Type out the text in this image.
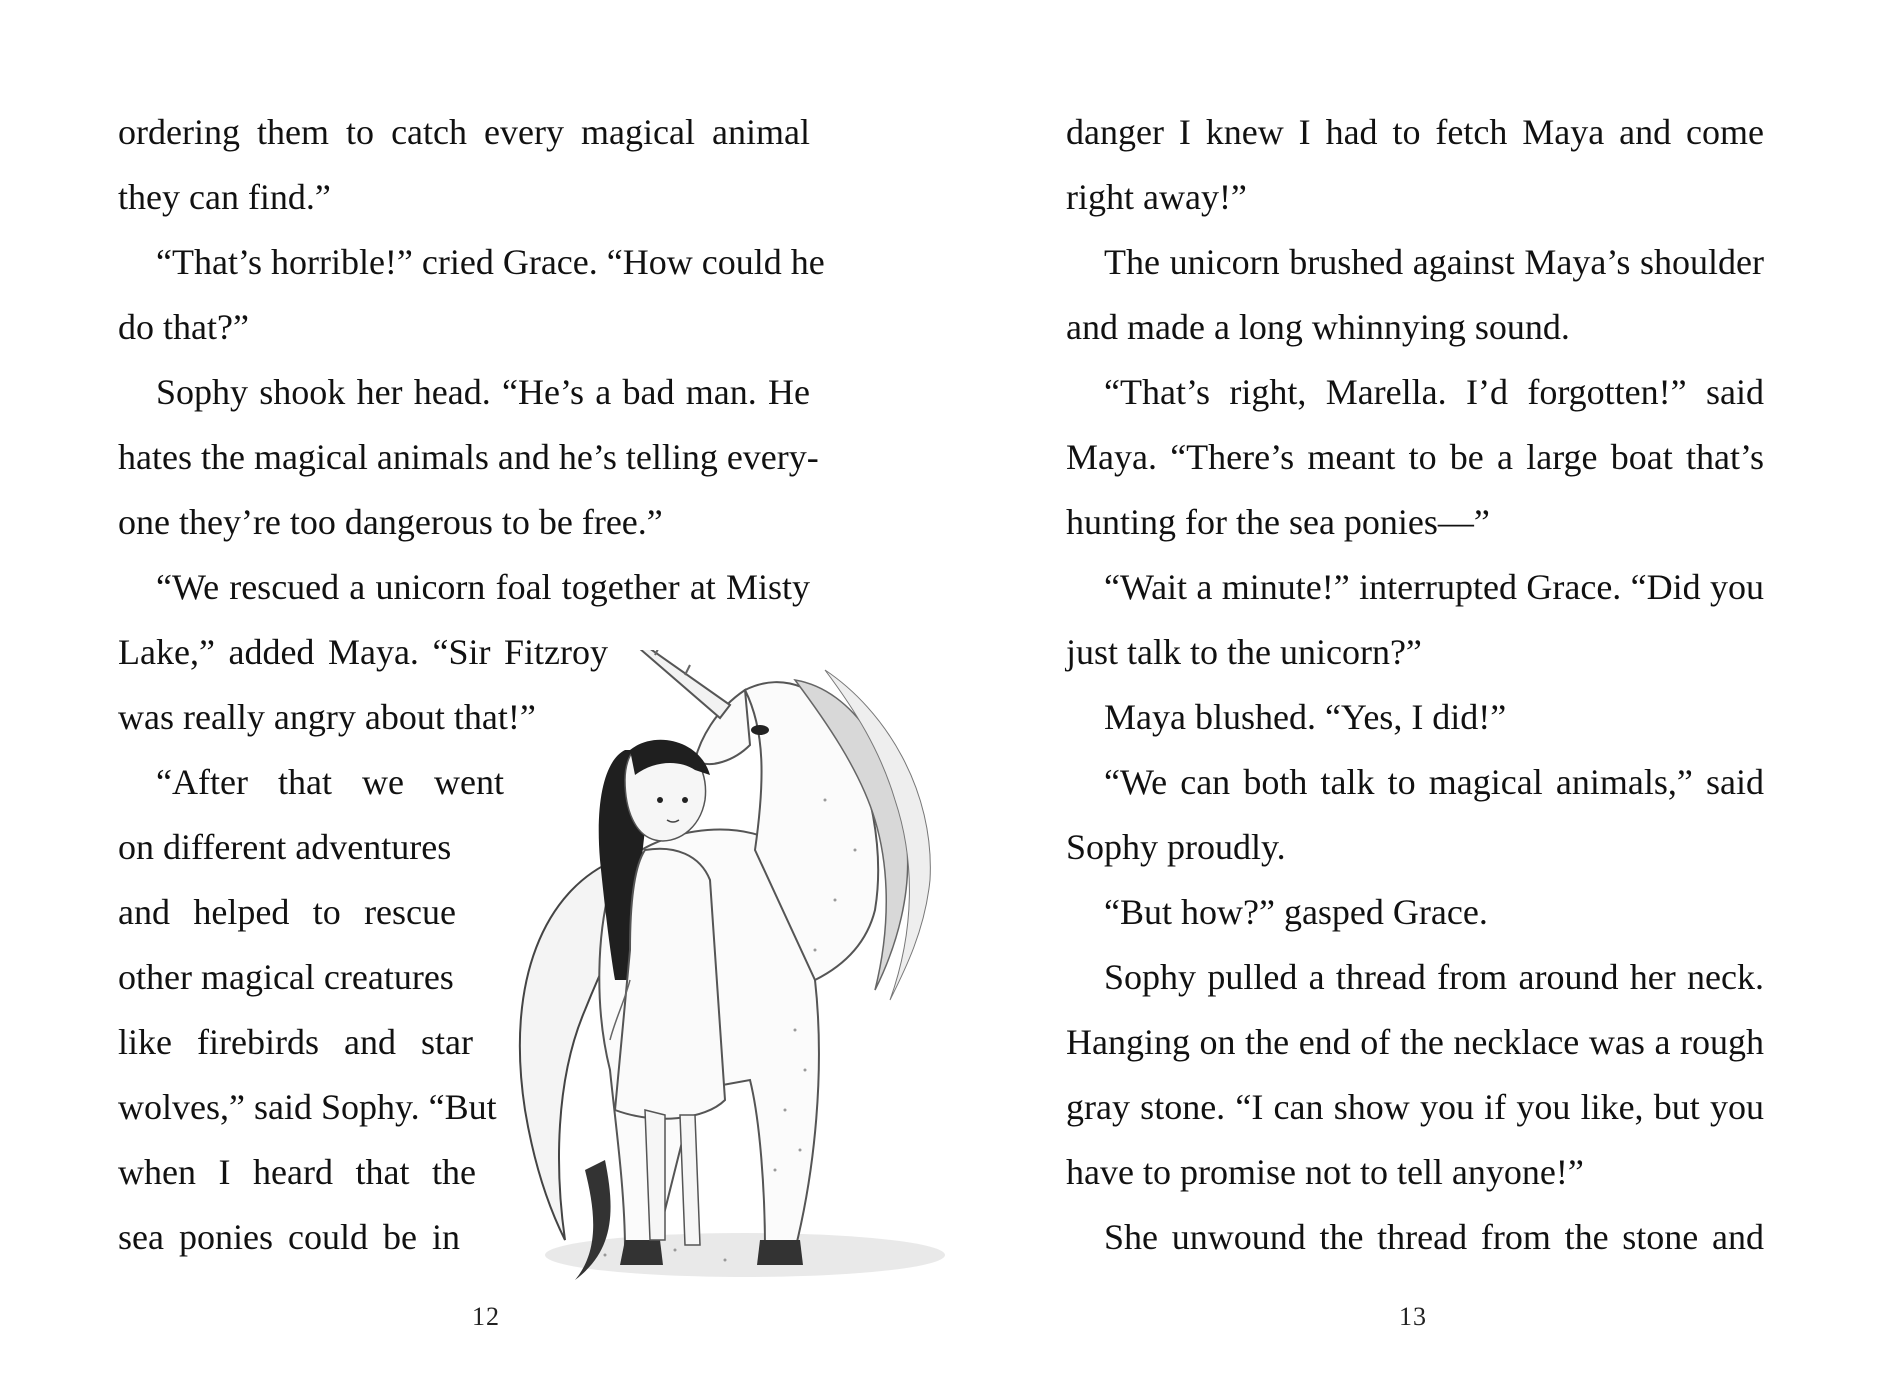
ordering them to catch every magical animal
they can find.”
“That’s horrible!” cried Grace. “How could he
do that?”
Sophy shook her head. “He’s a bad man. He
hates the magical animals and he’s telling every-
one they’re too dangerous to be free.”
“We rescued a unicorn foal together at Misty
Lake,” added Maya. “Sir Fitzroy
was really angry about that!”
“After that we went
on different adventures
and helped to rescue
other magical creatures
like firebirds and star
wolves,” said Sophy. “But
when I heard that the
sea ponies could be in
12
danger I knew I had to fetch Maya and come
right away!”
The unicorn brushed against Maya’s shoulder
and made a long whinnying sound.
“That’s right, Marella. I’d forgotten!” said
Maya. “There’s meant to be a large boat that’s
hunting for the sea ponies—”
“Wait a minute!” interrupted Grace. “Did you
just talk to the unicorn?”
Maya blushed. “Yes, I did!”
“We can both talk to magical animals,” said
Sophy proudly.
“But how?” gasped Grace.
Sophy pulled a thread from around her neck.
Hanging on the end of the necklace was a rough
gray stone. “I can show you if you like, but you
have to promise not to tell anyone!”
She unwound the thread from the stone and
13
